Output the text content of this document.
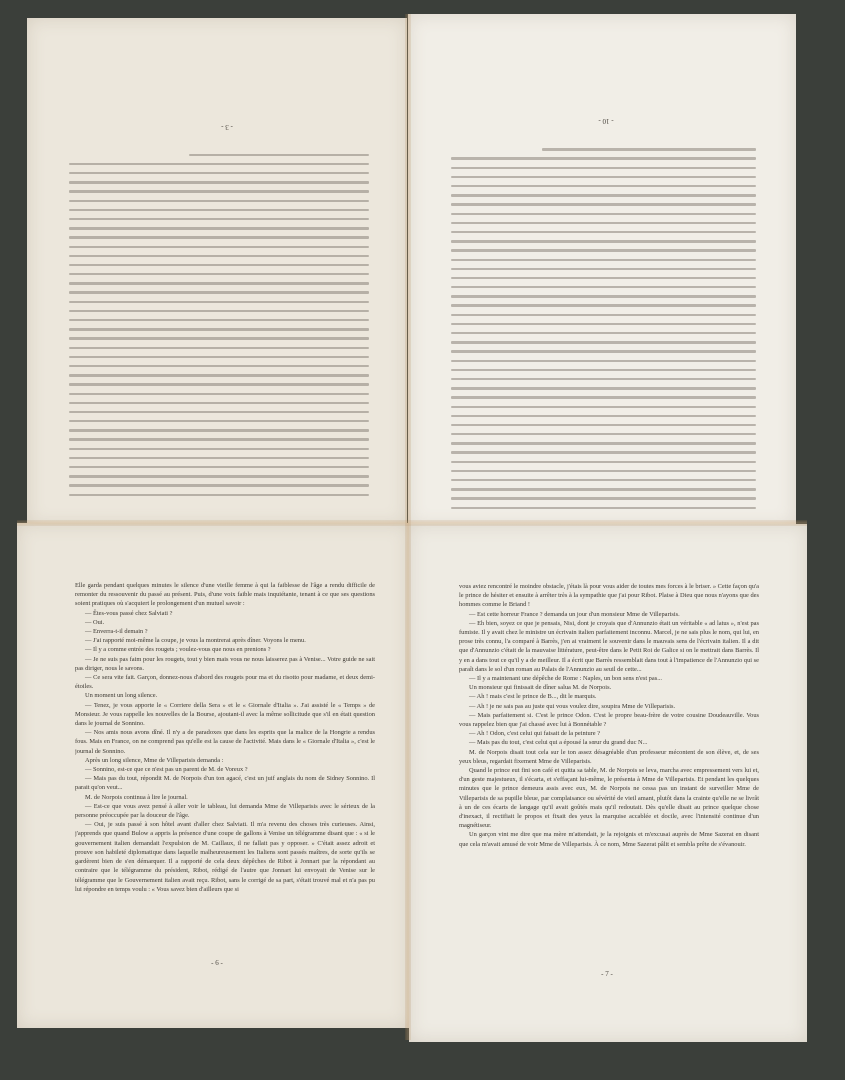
- 3 -
- 10 -

Elle garda pendant quelques minutes le silence d'une vieille femme à qui la faiblesse de l'âge a rendu difficile de remonter du ressouvenir du passé au présent. Puis, d'une voix faible mais inquiétante, tenant à ce que ses questions soient pratiques où s'acquiert le prolongement d'un mutuel savoir :

— Êtes-vous passé chez Salviati ?

— Oui.

— Enverra-t-il demain ?

— J'ai rapporté moi-même la coupe, je vous la montrerai après dîner. Voyons le menu.

— Il y a comme entrée des rougets ; voulez-vous que nous en prenions ?

— Je ne suis pas faim pour les rougets, tout y bien mais vous ne nous laisserez pas à Venise... Votre guide ne sait pas diriger, nous le savons.

— Ce sera vite fait. Garçon, donnez-nous d'abord des rougets pour ma et du risotto pour madame, et deux demi-étoiles.

Un moment un long silence.

— Tenez, je vous apporte le « Corriere della Sera » et le « Giornale d'Italia ». J'ai assisté le « Temps » de Monsieur. Je vous rappelle les nouvelles de la Bourse, ajoutant-il avec la même sollicitude que s'il en était question dans le journal de Sonnino.

— Nos amis nous avons dîné. Il n'y a de paradoxes que dans les esprits que la malice de la Hongrie a rendus fous. Mais en France, on ne comprend pas qu'elle est la cause de l'activité. Mais dans le « Giornale d'Italia », c'est le journal de Sonnino.

Après un long silence, Mme de Villeparisis demanda :

— Sonnino, est-ce que ce n'est pas un parent de M. de Voreux ?

— Mais pas du tout, répondit M. de Norpois d'un ton agacé, c'est un juif anglais du nom de Sidney Sonnino. Il parait qu'on veut...

M. de Norpois continua à lire le journal.

— Est-ce que vous avez pensé à aller voir le tableau, lui demanda Mme de Villeparisis avec le sérieux de la personne préoccupée par la douceur de l'âge.

— Oui, je suis passé à son hôtel avant d'aller chez Salviati. Il m'a revenu des choses très curieuses. Ainsi, j'apprends que quand Bulow a appris la présence d'une coupe de gallons à Venise un télégramme disant que : « si le gouvernement italien demandait l'expulsion de M. Caillaux, il ne fallait pas y opposer. » C'était assez adroit et prouve son habileté diplomatique dans laquelle malheureusement les Italiens sont passés maîtres, de sorte qu'ils se gardèrent bien de s'en démarquer. Il a rapporté de cela deux dépêches de Ribot à Jonnart par la répondant au contraire que le télégramme du président, Ribot, rédigé de l'autre que Jonnart lui envoyait de Venise sur le télégramme que le Gouvernement italien avait reçu. Ribot, sans le corrigé de sa part, s'était trouvé mal et n'a pas pu lui répondre en temps voulu : « Vous savez bien d'ailleurs que si

- 6 -

vous aviez rencontré le moindre obstacle, j'étais là pour vous aider de toutes mes forces à le briser. » Cette façon qu'a le prince de hésiter et ensuite à arrêter très à la sympathie que j'ai pour Ribot. Plaise à Dieu que nous n'ayons que des hommes comme le Briand !

— Est cette horreur France ? demanda un jour d'un monsieur Mme de Villeparisis.

— Eh bien, soyez ce que je pensais, Nisi, dont je croyais que d'Annunzio était un véritable « ad latus », n'est pas fumiste. Il y avait chez le ministre un écrivain italien parfaitement inconnu. Marcel, je ne sais plus le nom, qui lui, en prose très connu, l'a comparé à Barrès, j'en ai vraiment le souvenir dans le mauvais sens de l'écrivain italien. Il a dit que d'Annunzio c'était de la mauvaise littérature, peut-être dans le Petit Roi de Galice si on le mettrait dans Barrès. Il y en a dans tout ce qu'il y a de meilleur. Il a écrit que Barrès ressemblait dans tout à l'impatience de l'Annunzio qui se paraît dans le sol d'un roman au Palais de l'Annunzio au seuil de cette...

— Il y a maintenant une dépêche de Rome : Naples, un bon sens n'est pas...

Un monsieur qui finissait de dîner salua M. de Norpois.

— Ah ! mais c'est le prince de B..., dit le marquis.

— Ah ! je ne sais pas au juste qui vous voulez dire, soupira Mme de Villeparisis.

— Mais parfaitement si. C'est le prince Odon. C'est le propre beau-frère de votre cousine Doudeauville. Vous vous rappelez bien que j'ai chassé avec lui à Bonnétable ?

— Ah ! Odon, c'est celui qui faisait de la peinture ?

— Mais pas du tout, c'est celui qui a épousé la sœur du grand duc N...

M. de Norpois disait tout cela sur le ton assez désagréable d'un professeur mécontent de son élève, et, de ses yeux bleus, regardait fixement Mme de Villeparisis.

Quand le prince eut fini son café et quitta sa table, M. de Norpois se leva, marcha avec empressement vers lui et, d'un geste majestueux, il s'écarta, et s'effaçant lui-même, le présenta à Mme de Villeparisis. Et pendant les quelques minutes que le prince demeura assis avec eux, M. de Norpois ne cessa pas un instant de surveiller Mme de Villeparisis de sa pupille bleue, par complaisance ou sévérité de vieil amant, plutôt dans la crainte qu'elle ne se livrât à un de ces écarts de langage qu'il avait goûtés mais qu'il redoutait. Dès qu'elle disait au prince quelque chose d'inexact, il rectifiait le propos et fixait des yeux la marquise accablée et docile, avec l'intensité continue d'un magnétiseur.

Un garçon vint me dire que ma mère m'attendait, je la rejoignis et m'excusai auprès de Mme Sazerat en disant que cela m'avait amusé de voir Mme de Villeparisis. À ce nom, Mme Sazerat pâlit et sembla prête de s'évanouir.

- 7 -
